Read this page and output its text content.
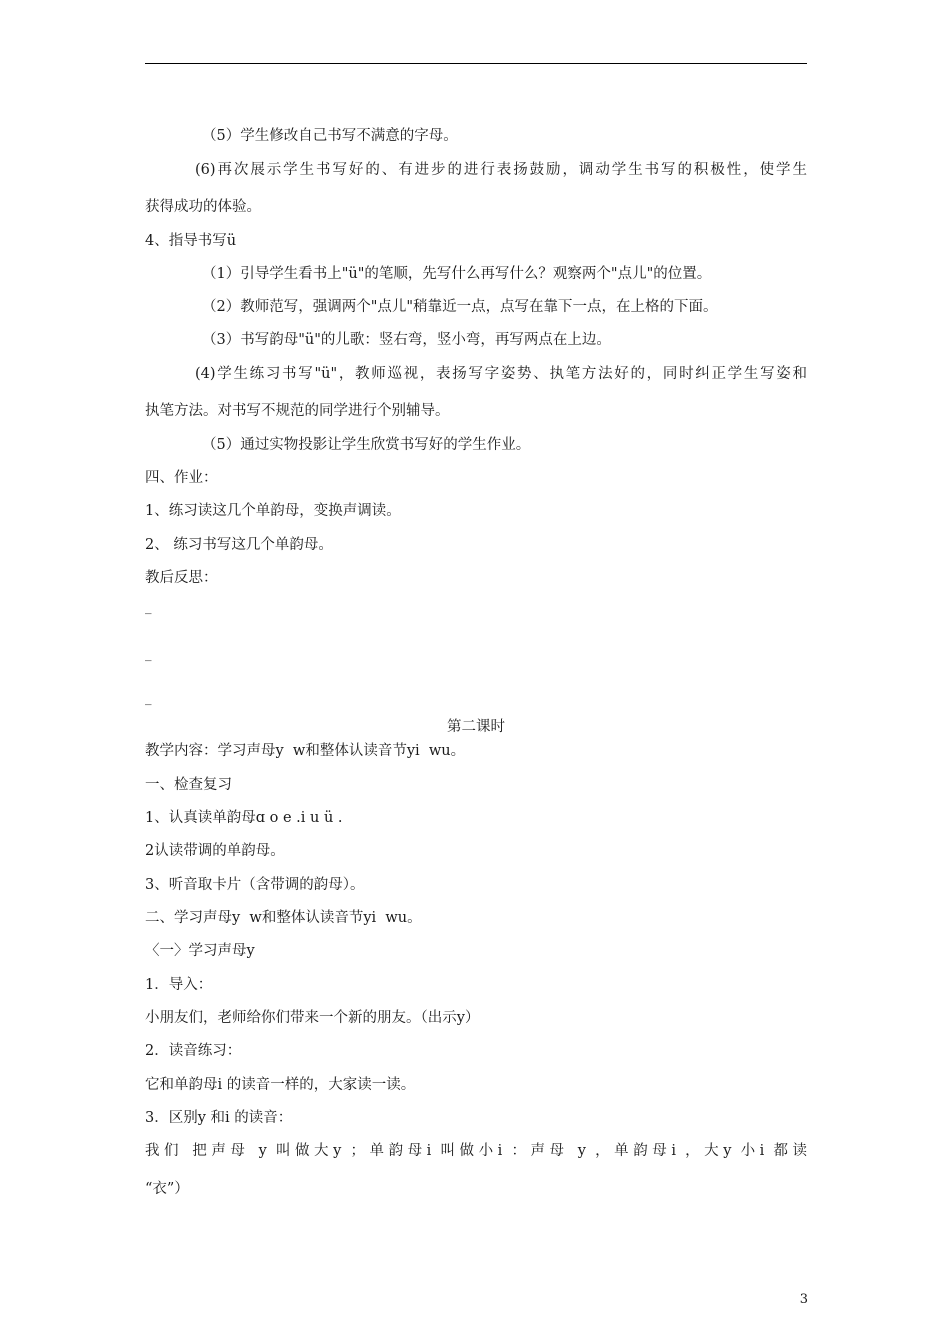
（5）学生修改自己书写不满意的字母。
(6)再次展示学生书写好的、有进步的进行表扬鼓励，调动学生书写的积极性，使学生
获得成功的体验。
4、指导书写ü
（1）引导学生看书上"ü"的笔顺，先写什么再写什么？观察两个"点儿"的位置。
（2）教师范写，强调两个"点儿"稍靠近一点，点写在靠下一点，在上格的下面。
（3）书写韵母"ü"的儿歌：竖右弯，竖小弯，再写两点在上边。
(4)学生练习书写"ü"，教师巡视，表扬写字姿势、执笔方法好的，同时纠正学生写姿和
执笔方法。对书写不规范的同学进行个别辅导。
（5）通过实物投影让学生欣赏书写好的学生作业。
四、作业：
1、练习读这几个单韵母，变换声调读。
2、 练习书写这几个单韵母。
教后反思：
_
_
_
第二课时
教学内容：学习声母y  w和整体认读音节yi  wu。
一、检查复习
1、认真读单韵母ɑ o e .i u ü .
2认读带调的单韵母。
3、听音取卡片（含带调的韵母）。
二、学习声母y  w和整体认读音节yi  wu。
〈一〉学习声母y
1．导入：
小朋友们，老师给你们带来一个新的朋友。（出示y）
2．读音练习：
它和单韵母i 的读音一样的，大家读一读。
3．区别y 和i 的读音：
我们 把声母 y 叫做大y ；单韵母i 叫做小i ：声母 y ，单韵母i ，大y 小i 都读
“衣”）
3
